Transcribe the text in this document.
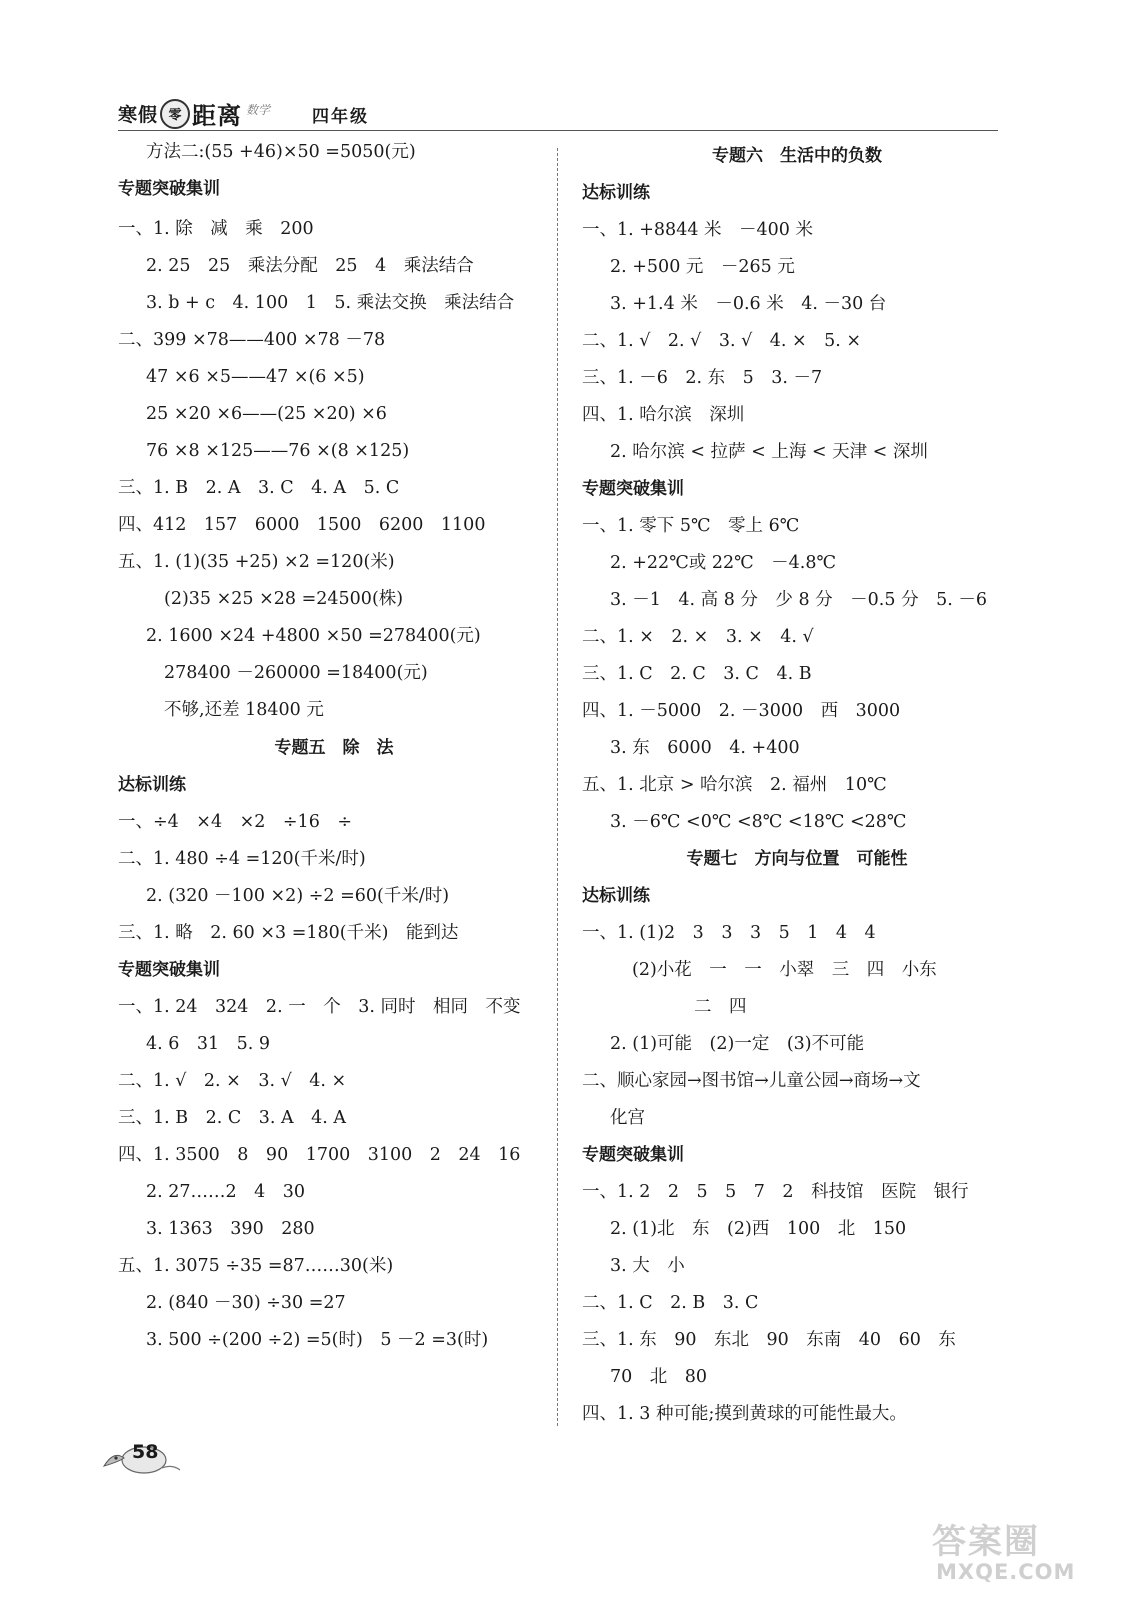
寒假 零 距离 数学 四年级
方法二:(55 +46)×50 =5050(元)
专题突破集训
一、1. 除　减　乘　200
2. 25　25　乘法分配　25　4　乘法结合
3. b + c　4. 100　1　5. 乘法交换　乘法结合
二、399 ×78——400 ×78 －78
47 ×6 ×5——47 ×(6 ×5)
25 ×20 ×6——(25 ×20) ×6
76 ×8 ×125——76 ×(8 ×125)
三、1. B　2. A　3. C　4. A　5. C
四、412　157　6000　1500　6200　1100
五、1. (1)(35 +25) ×2 =120(米)
(2)35 ×25 ×28 =24500(株)
2. 1600 ×24 +4800 ×50 =278400(元)
278400 －260000 =18400(元)
不够,还差 18400 元
专题五　除　法
达标训练
一、÷4　×4　×2　÷16　÷
二、1. 480 ÷4 =120(千米/时)
2. (320 －100 ×2) ÷2 =60(千米/时)
三、1. 略　2. 60 ×3 =180(千米)　能到达
专题突破集训
一、1. 24　324　2. 一　个　3. 同时　相同　不变
4. 6　31　5. 9
二、1. √　2. ×　3. √　4. ×
三、1. B　2. C　3. A　4. A
四、1. 3500　8　90　1700　3100　2　24　16
2. 27……2　4　30
3. 1363　390　280
五、1. 3075 ÷35 =87……30(米)
2. (840 －30) ÷30 =27
3. 500 ÷(200 ÷2) =5(时)　5 －2 =3(时)
专题六　生活中的负数
达标训练
一、1. +8844 米　－400 米
2. +500 元　－265 元
3. +1.4 米　－0.6 米　4. －30 台
二、1. √　2. √　3. √　4. ×　5. ×
三、1. －6　2. 东　5　3. －7
四、1. 哈尔滨　深圳
2. 哈尔滨 < 拉萨 < 上海 < 天津 < 深圳
专题突破集训
一、1. 零下 5℃　零上 6℃
2. +22℃或 22℃　－4.8℃
3. －1　4. 高 8 分　少 8 分　－0.5 分　5. －6
二、1. ×　2. ×　3. ×　4. √
三、1. C　2. C　3. C　4. B
四、1. －5000　2. －3000　西　3000
3. 东　6000　4. +400
五、1. 北京 > 哈尔滨　2. 福州　10℃
3. －6℃ <0℃ <8℃ <18℃ <28℃
专题七　方向与位置　可能性
达标训练
一、1. (1)2　3　3　3　5　1　4　4
(2)小花　一　一　小翠　三　四　小东
二　四
2. (1)可能　(2)一定　(3)不可能
二、顺心家园→图书馆→儿童公园→商场→文
化宫
专题突破集训
一、1. 2　2　5　5　7　2　科技馆　医院　银行
2. (1)北　东　(2)西　100　北　150
3. 大　小
二、1. C　2. B　3. C
三、1. 东　90　东北　90　东南　40　60　东
70　北　80
四、1. 3 种可能;摸到黄球的可能性最大。
58
答案圈
MXQE.COM
